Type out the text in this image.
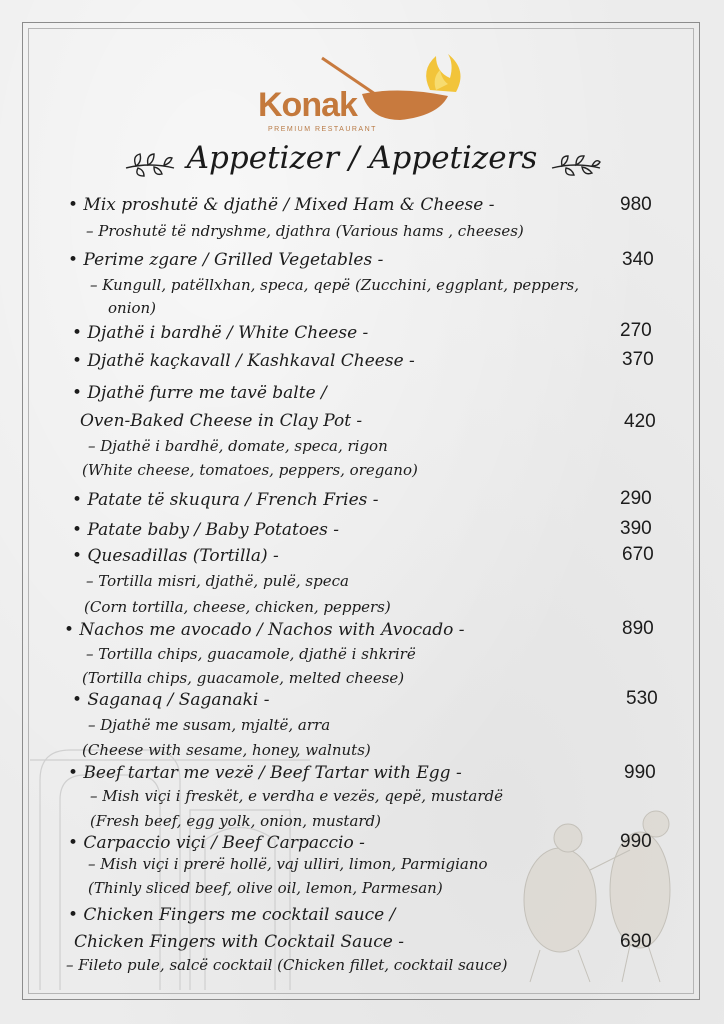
Konak
PREMIUM RESTAURANT
Appetizer / Appetizers
• Mix proshutë & djathë / Mixed Ham & Cheese -	980
– Proshutë të ndryshme, djathra (Various hams , cheeses)
• Perime zgare / Grilled Vegetables -	340
– Kungull, patëllxhan, speca, qepë (Zucchini, eggplant, peppers,
onion)
• Djathë i bardhë / White Cheese -	270
• Djathë kaçkavall / Kashkaval Cheese -	370
• Djathë furre me tavë balte /
Oven-Baked Cheese in Clay Pot -	420
– Djathë i bardhë, domate, speca, rigon
(White cheese, tomatoes, peppers, oregano)
• Patate të skuqura / French Fries -	290
• Patate baby / Baby Potatoes -	390
• Quesadillas (Tortilla) -	670
– Tortilla misri, djathë, pulë, speca
(Corn tortilla, cheese, chicken, peppers)
• Nachos me avocado / Nachos with Avocado -	890
– Tortilla chips, guacamole, djathë i shkrirë
(Tortilla chips, guacamole, melted cheese)
• Saganaq / Saganaki -	530
– Djathë me susam, mjaltë, arra
(Cheese with sesame, honey, walnuts)
• Beef tartar me vezë / Beef Tartar with Egg -	990
– Mish viçi i freskët, e verdha e vezës, qepë, mustardë
(Fresh beef, egg yolk, onion, mustard)
• Carpaccio viçi / Beef Carpaccio -	990
– Mish viçi i prerë hollë, vaj ulliri, limon, Parmigiano
(Thinly sliced beef, olive oil, lemon, Parmesan)
• Chicken Fingers me cocktail sauce /
Chicken Fingers with Cocktail Sauce -	690
– Fileto pule, salcë cocktail (Chicken fillet, cocktail sauce)
